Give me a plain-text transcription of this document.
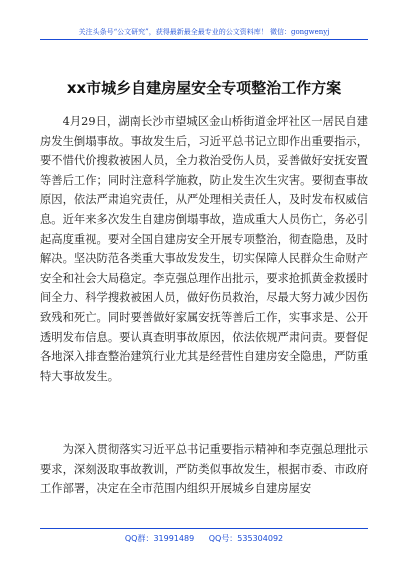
关注头条号“公文研究”，获得最新最全最专业的公文资料库！ 微信：gongwenyj
xx市城乡自建房屋安全专项整治工作方案

4月29日，湖南长沙市望城区金山桥街道金坪社区一居民自建房发生倒塌事故。事故发生后，习近平总书记立即作出重要指示，要不惜代价搜救被困人员，全力救治受伤人员，妥善做好安抚安置等善后工作；同时注意科学施救，防止发生次生灾害。要彻查事故原因，依法严肃追究责任，从严处理相关责任人，及时发布权威信息。近年来多次发生自建房倒塌事故，造成重大人员伤亡，务必引起高度重视。要对全国自建房安全开展专项整治，彻查隐患，及时解决。坚决防范各类重大事故发发生，切实保障人民群众生命财产安全和社会大局稳定。李克强总理作出批示，要求抢抓黄金救援时间全力、科学搜救被困人员，做好伤员救治，尽最大努力减少因伤致残和死亡。同时要善做好家属安抚等善后工作，实事求是、公开透明发布信息。要认真查明事故原因，依法依规严肃问责。要督促各地深入排查整治建筑行业尤其是经营性自建房安全隐患，严防重特大事故发生。

为深入贯彻落实习近平总书记重要指示精神和李克强总理批示要求，深刻汲取事故教训，严防类似事故发生，根据市委、市政府工作部署，决定在全市范围内组织开展城乡自建房屋安

QQ群：31991489 QQ号：535304092
